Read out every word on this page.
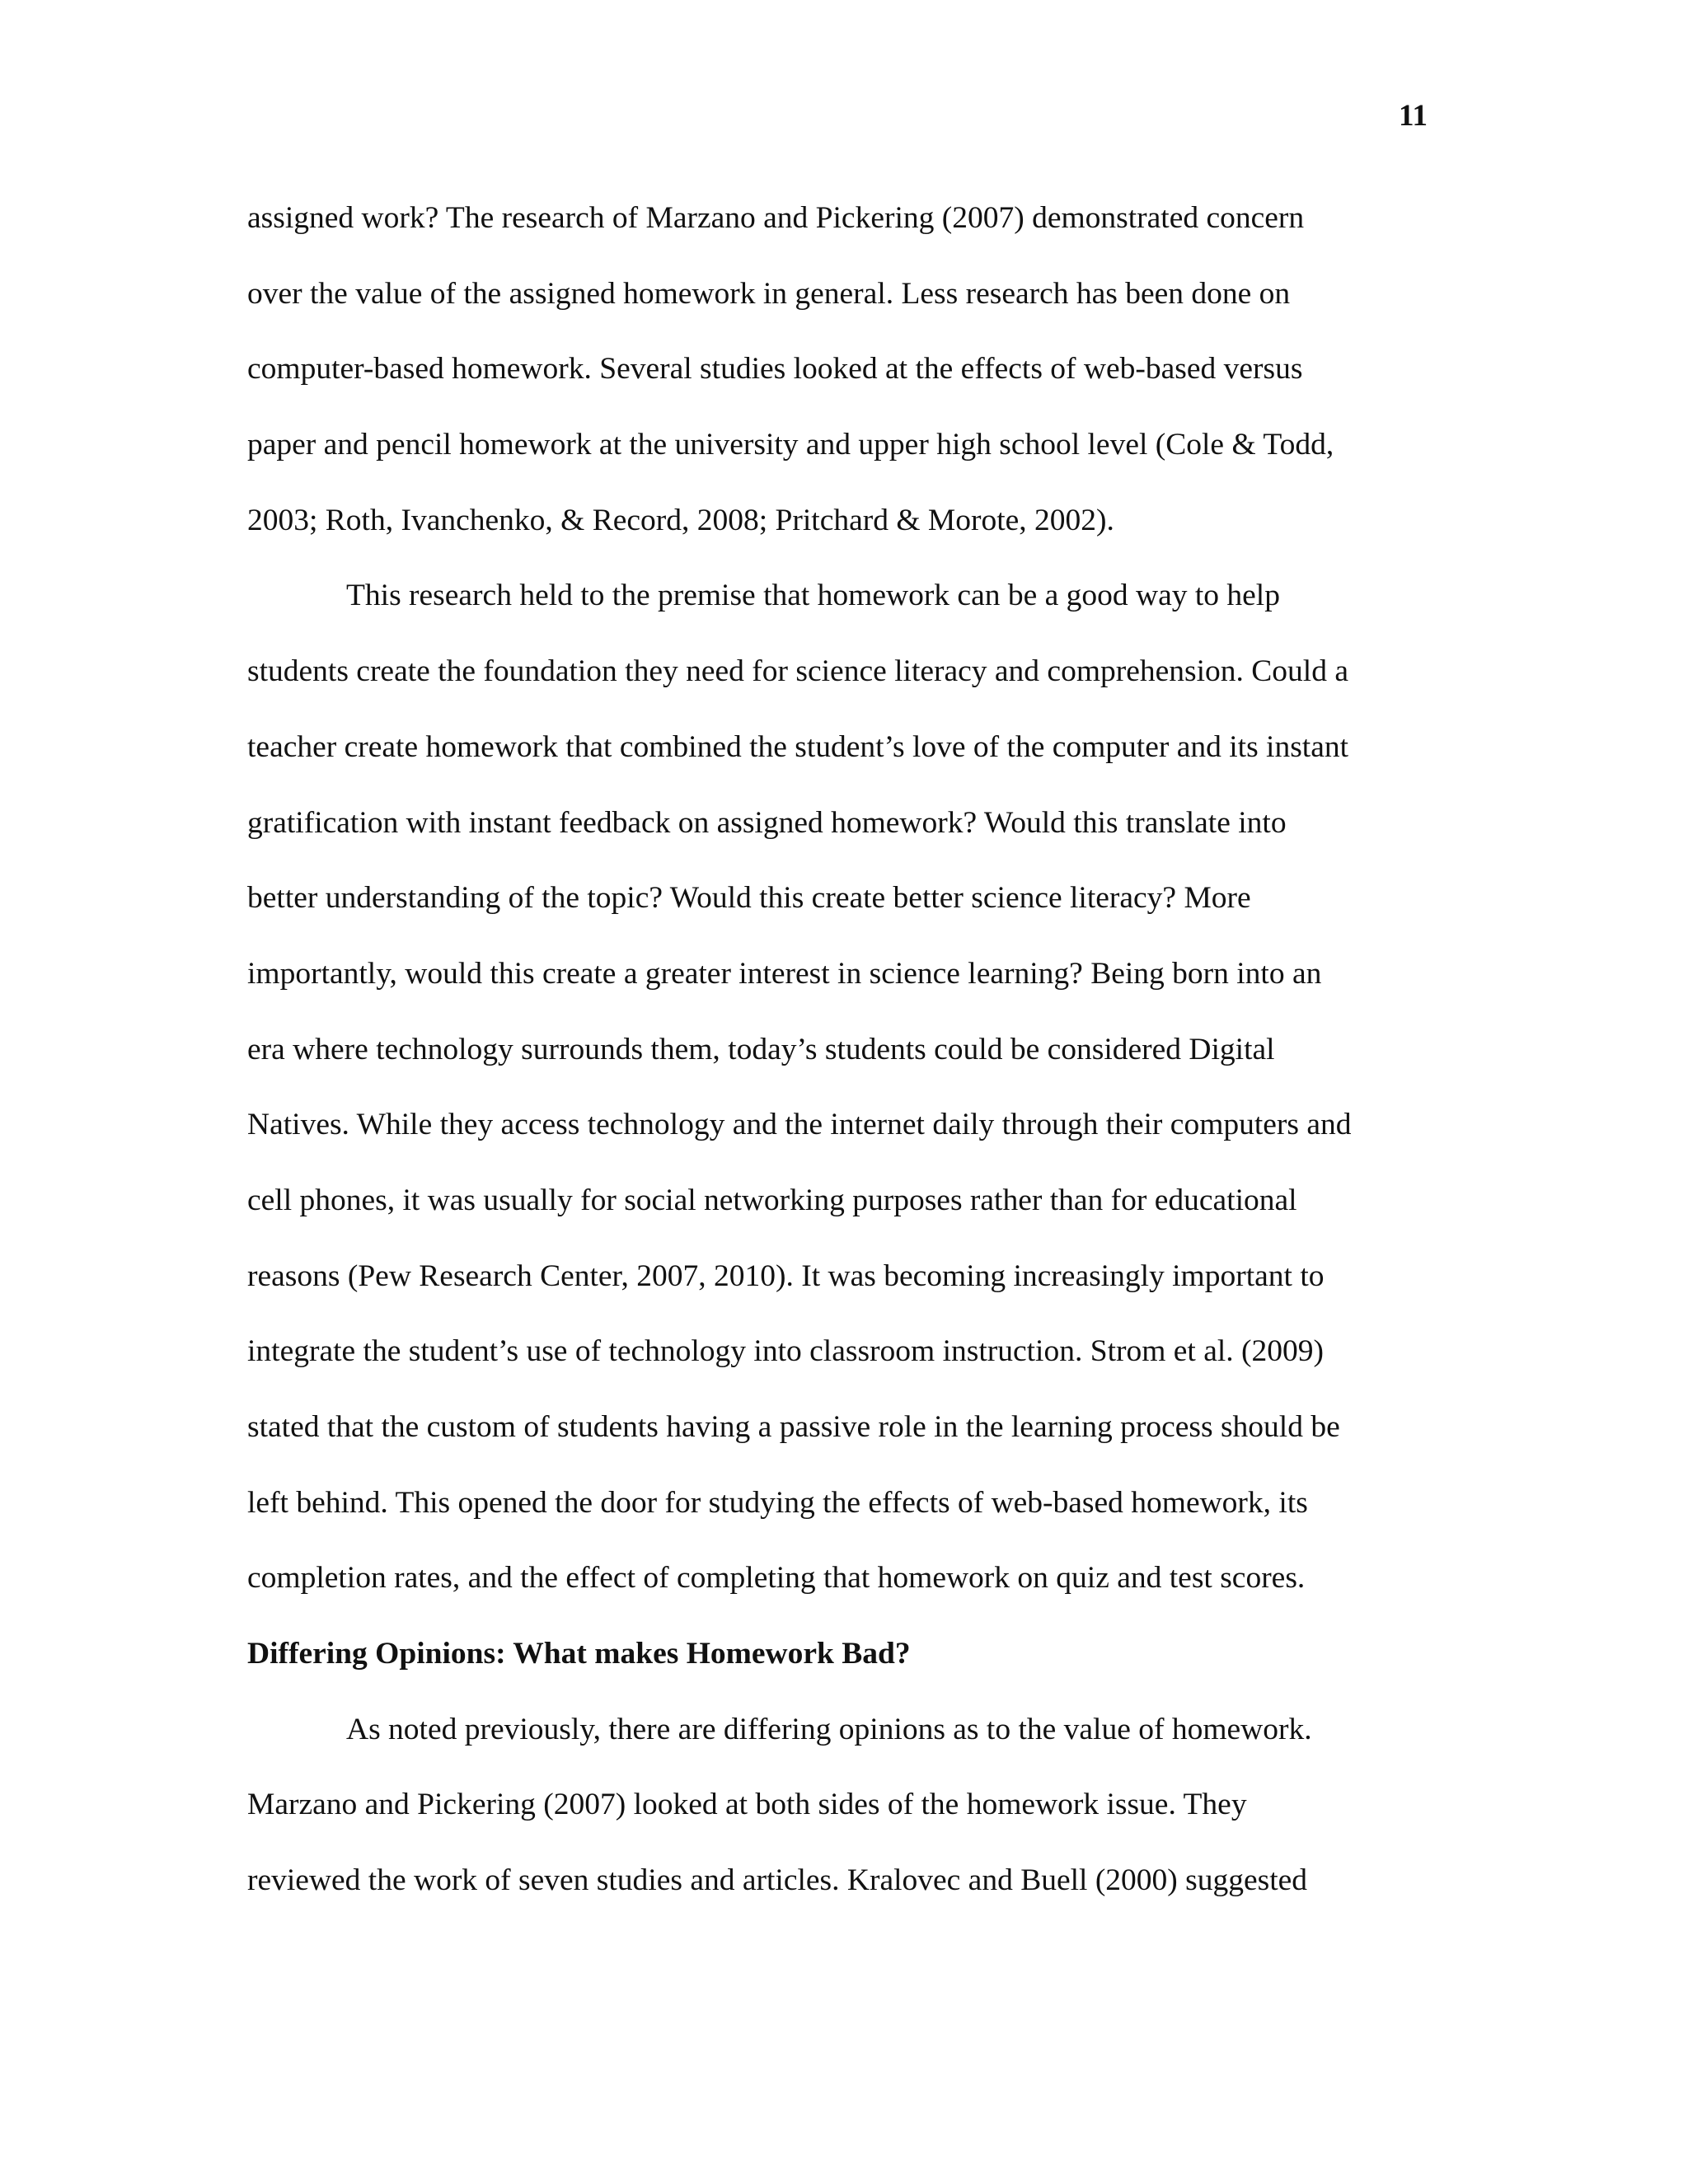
11
assigned work? The research of Marzano and Pickering (2007) demonstrated concern
over the value of the assigned homework in general. Less research has been done on
computer-based homework. Several studies looked at the effects of web-based versus
paper and pencil homework at the university and upper high school level (Cole & Todd,
2003; Roth, Ivanchenko, & Record, 2008; Pritchard & Morote, 2002).
This research held to the premise that homework can be a good way to help
students create the foundation they need for science literacy and comprehension. Could a
teacher create homework that combined the student’s love of the computer and its instant
gratification with instant feedback on assigned homework? Would this translate into
better understanding of the topic? Would this create better science literacy? More
importantly, would this create a greater interest in science learning? Being born into an
era where technology surrounds them, today’s students could be considered Digital
Natives. While they access technology and the internet daily through their computers and
cell phones, it was usually for social networking purposes rather than for educational
reasons (Pew Research Center, 2007, 2010). It was becoming increasingly important to
integrate the student’s use of technology into classroom instruction. Strom et al. (2009)
stated that the custom of students having a passive role in the learning process should be
left behind. This opened the door for studying the effects of web-based homework, its
completion rates, and the effect of completing that homework on quiz and test scores.
Differing Opinions: What makes Homework Bad?
As noted previously, there are differing opinions as to the value of homework.
Marzano and Pickering (2007) looked at both sides of the homework issue. They
reviewed the work of seven studies and articles. Kralovec and Buell (2000) suggested
